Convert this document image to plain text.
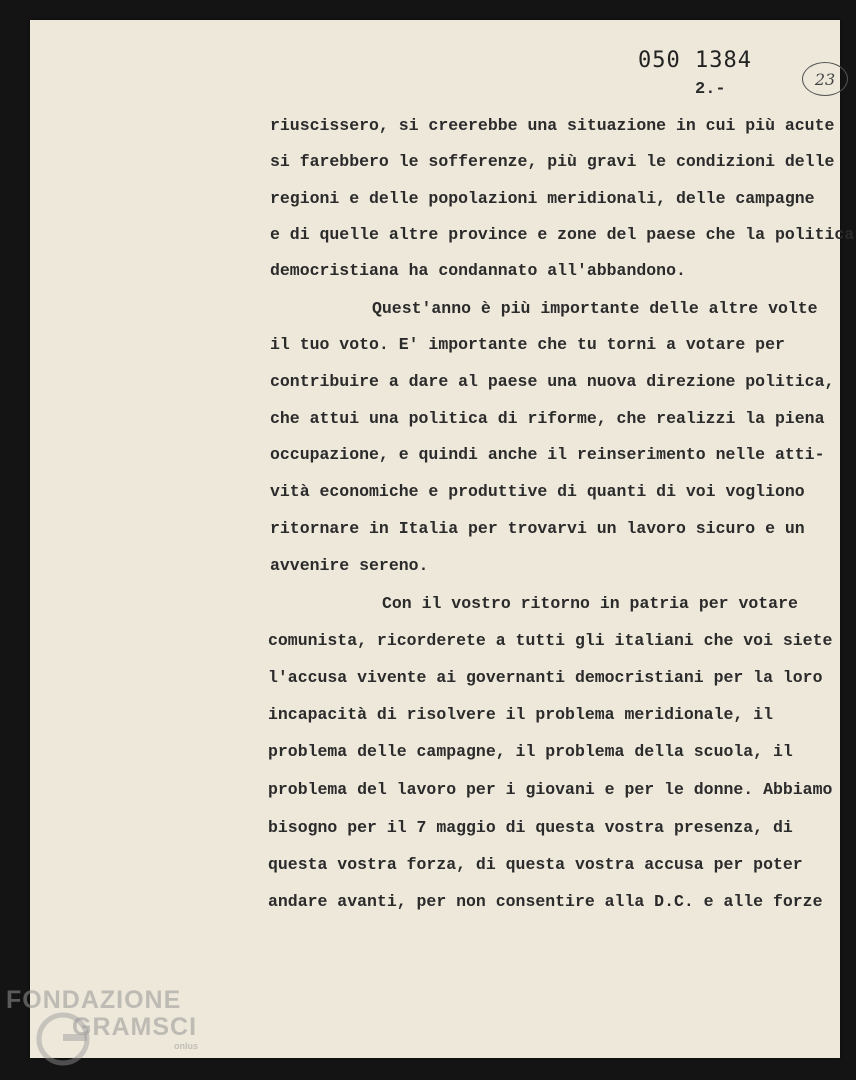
050 1384
2.-
23
riuscissero, si creerebbe una situazione in cui più acute
si farebbero le sofferenze, più gravi le condizioni delle
regioni e delle popolazioni meridionali, delle campagne
e di quelle altre province e zone del paese che la politica
democristiana ha condannato all'abbandono.
Quest'anno è più importante delle altre volte
il tuo voto. E' importante che tu torni a votare per
contribuire a dare al paese una nuova direzione politica,
che attui una politica di riforme, che realizzi la piena
occupazione, e quindi anche il reinserimento nelle atti-
vità economiche e produttive di quanti di voi vogliono
ritornare in Italia per trovarvi un lavoro sicuro e un
avvenire sereno.
Con il vostro ritorno in patria per votare
comunista, ricorderete a tutti gli italiani che voi siete
l'accusa vivente ai governanti democristiani per la loro
incapacità di risolvere il problema meridionale, il
problema delle campagne, il problema della scuola, il
problema del lavoro per i giovani e per le donne. Abbiamo
bisogno per il 7 maggio di questa vostra presenza, di
questa vostra forza, di questa vostra accusa per poter
andare avanti, per non consentire alla D.C. e alle forze
FONDAZIONE
GRAMSCI
onlus
